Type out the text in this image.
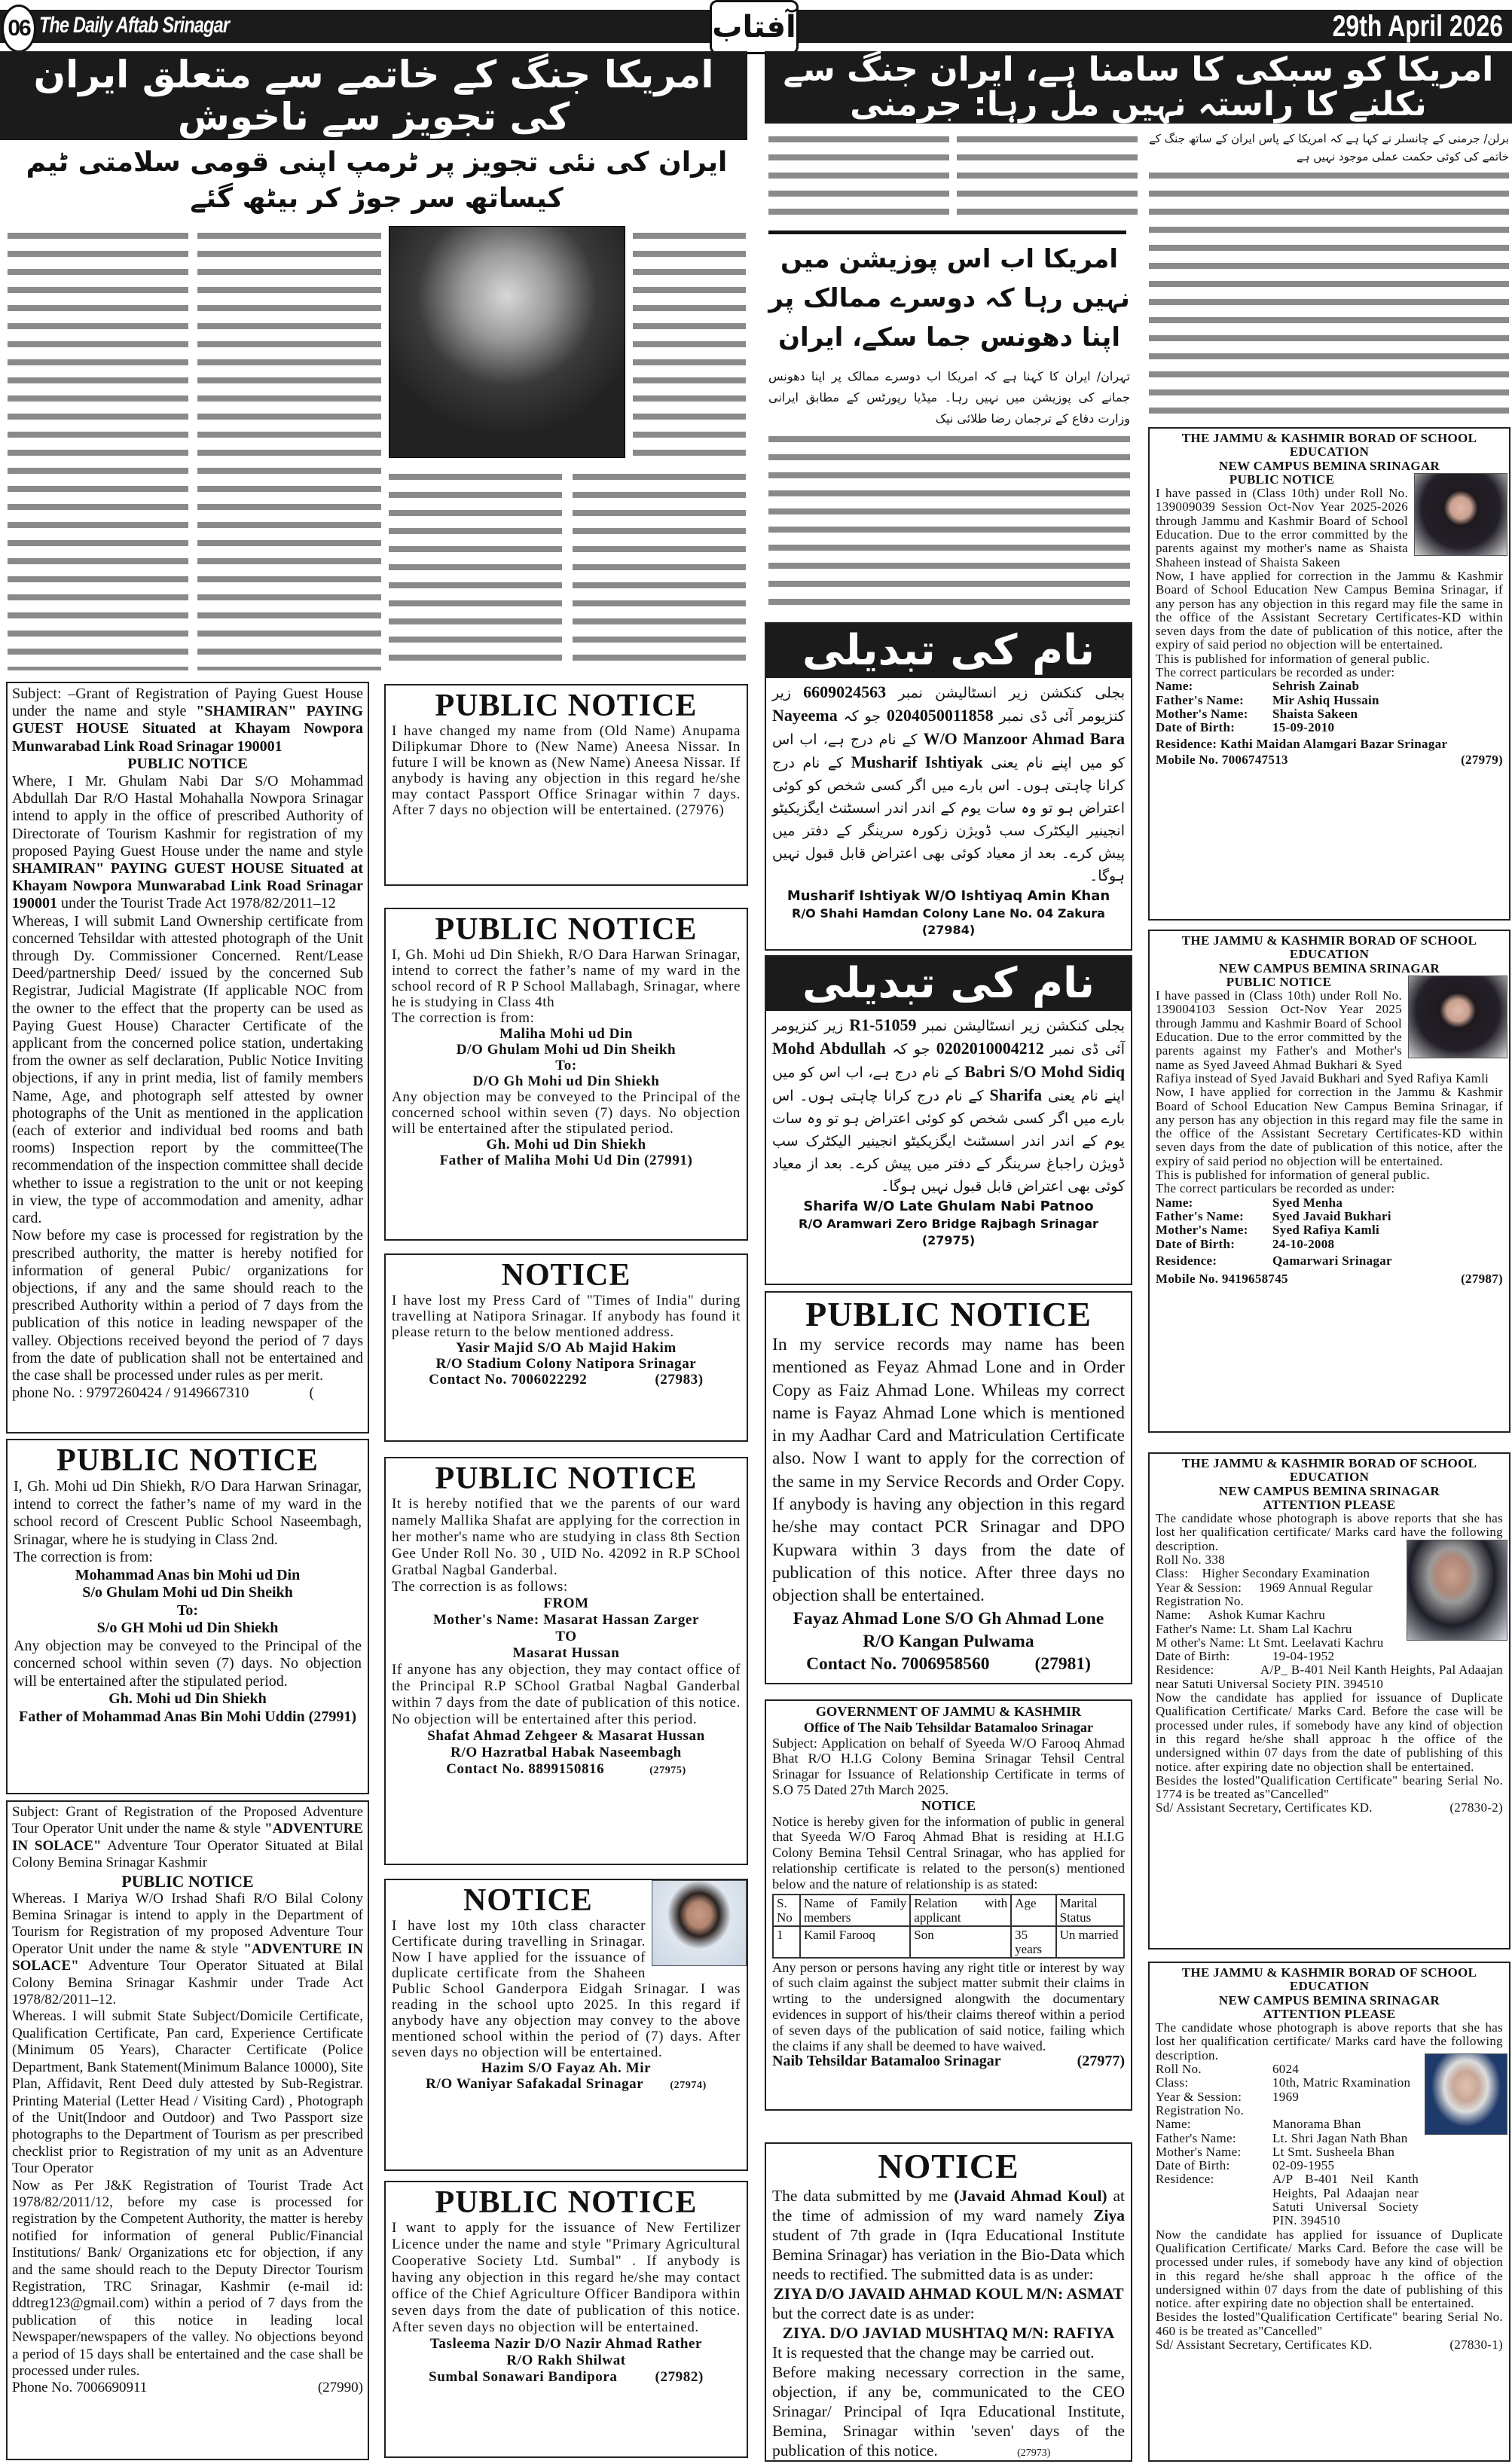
06 The Daily Aftab Srinagar	آفتاب	29th April 2026
امریکا جنگ کے خاتمے سے متعلق ایران کی تجویز سے ناخوش
ایران کی نئی تجویز پر ٹرمپ اپنی قومی سلامتی ٹیم کیساتھ سر جوڑ کر بیٹھ گئے
امریکا کو سبکی کا سامنا ہے، ایران جنگ سے نکلنے کا راستہ نہیں مل رہا: جرمنی
برلن/ جرمنی کے چانسلر نے کہا ہے کہ امریکا کے پاس ایران کے ساتھ جنگ کے خاتمے کی کوئی حکمت عملی موجود نہیں ہے
امریکا اب اس پوزیشن میں نہیں رہا کہ دوسرے ممالک پر اپنا دھونس جما سکے، ایران
تہران/ ایران کا کہنا ہے کہ امریکا اب دوسرے ممالک پر اپنا دھونس جمانے کی پوزیشن میں نہیں رہا۔ میڈیا رپورٹس کے مطابق ایرانی وزارت دفاع کے ترجمان رضا طلائی نیک

Subject: –Grant of Registration of Paying Guest House under the name and style "SHAMIRAN" PAYING GUEST HOUSE Situated at Khayam Nowpora Munwarabad Link Road Srinagar 190001

PUBLIC NOTICE

Where, I Mr. Ghulam Nabi Dar S/O Mohammad Abdullah Dar R/O Hastal Mohahalla Nowpora Srinagar intend to apply in the office of prescribed Authority of Directorate of Tourism Kashmir for registration of my proposed Paying Guest House under the name and style SHAMIRAN" PAYING GUEST HOUSE Situated at Khayam Nowpora Munwarabad Link Road Srinagar 190001 under the Tourist Trade Act 1978/82/2011–12

Whereas, I will submit Land Ownership certificate from concerned Tehsildar with attested photograph of the Unit through Dy. Commissioner Concerned. Rent/Lease Deed/partnership Deed/ issued by the concerned Sub Registrar, Judicial Magistrate (If applicable NOC from the owner to the effect that the property can be used as Paying Guest House) Character Certificate of the applicant from the concerned police station, undertaking from the owner as self declaration, Public Notice Inviting objections, if any in print media, list of family members Name, Age, and photograph self attested by owner photographs of the Unit as mentioned in the application (each of exterior and individual bed rooms and bath rooms) Inspection report by the committee(The recommendation of the inspection committee shall decide whether to issue a registration to the unit or not keeping in view, the type of accommodation and amenity, adhar card.

Now before my case is processed for registration by the prescribed authority, the matter is hereby notified for information of general Pubic/ organizations for objections, if any and the same should reach to the prescribed Authority within a period of 7 days from the publication of this notice in leading newspaper of the valley. Objections received beyond the period of 7 days from the date of publication shall not be entertained and the case shall be processed under rules as per merit.

phone No. : 9797260424 / 9149667310	(

PUBLIC NOTICE

I, Gh. Mohi ud Din Shiekh, R/O Dara Harwan Srinagar, intend to correct the father’s name of my ward in the school record of Crescent Public School Naseembagh, Srinagar, where he is studying in Class 2nd.

The correction is from:

Mohammad Anas bin Mohi ud Din

S/o Ghulam Mohi ud Din Sheikh

To:

S/o GH Mohi ud Din Shiekh

Any objection may be conveyed to the Principal of the concerned school within seven (7) days. No objection will be entertained after the stipulated period.

Gh. Mohi ud Din Shiekh

Father of Mohammad Anas Bin Mohi Uddin (27991)

Subject: Grant of Registration of the Proposed Adventure Tour Operator Unit under the name & style "ADVENTURE IN SOLACE" Adventure Tour Operator Situated at Bilal Colony Bemina Srinagar Kashmir

PUBLIC NOTICE

Whereas. I Mariya W/O Irshad Shafi R/O Bilal Colony Bemina Srinagar is intend to apply in the Department of Tourism for Registration of my proposed Adventure Tour Operator Unit under the name & style "ADVENTURE IN SOLACE" Adventure Tour Operator Situated at Bilal Colony Bemina Srinagar Kashmir under Trade Act 1978/82/2011–12.

Whereas. I will submit State Subject/Domicile Certificate, Qualification Certificate, Pan card, Experience Certificate (Minimum 05 Years), Character Certificate (Police Department, Bank Statement(Minimum Balance 10000), Site Plan, Affidavit, Rent Deed duly attested by Sub-Registrar. Printing Material (Letter Head / Visiting Card) , Photograph of the Unit(Indoor and Outdoor) and Two Passport size photographs to the Department of Tourism as per prescribed checklist prior to Registration of my unit as an Adventure Tour Operator

Now as Per J&K Registration of Tourist Trade Act 1978/82/2011/12, before my case is processed for registration by the Competent Authority, the matter is hereby notified for information of general Public/Financial Institutions/ Bank/ Organizations etc for objection, if any and the same should reach to the Deputy Director Tourism Registration, TRC Srinagar, Kashmir (e-mail id: ddtreg123@gmail.com) within a period of 7 days from the publication of this notice in leading local Newspaper/newspapers of the valley. No objections beyond a period of 15 days shall be entertained and the case shall be processed under rules.

Phone No. 7006690911	(27990)

PUBLIC NOTICE

I have changed my name from (Old Name) Anupama Dilipkumar Dhore to (New Name) Aneesa Nissar. In future I will be known as (New Name) Aneesa Nissar. If anybody is having any objection in this regard he/she may contact Passport Office Srinagar within 7 days. After 7 days no objection will be entertained. (27976)

PUBLIC NOTICE

I, Gh. Mohi ud Din Shiekh, R/O Dara Harwan Srinagar, intend to correct the father’s name of my ward in the school record of R P School Mallabagh, Srinagar, where he is studying in Class 4th

The correction is from:

Maliha Mohi ud Din

D/O Ghulam Mohi ud Din Sheikh

To:

D/O Gh Mohi ud Din Shiekh

Any objection may be conveyed to the Principal of the concerned school within seven (7) days. No objection will be entertained after the stipulated period.

Gh. Mohi ud Din Shiekh

Father of Maliha Mohi Ud Din (27991)

NOTICE

I have lost my Press Card of "Times of India" during travelling at Natipora Srinagar. If anybody has found it please return to the below mentioned address.

Yasir Majid S/O Ab Majid Hakim

R/O Stadium Colony Natipora Srinagar

Contact No. 7006022292	(27983)

PUBLIC NOTICE

It is hereby notified that we the parents of our ward namely Mallika Shafat are applying for the correction in her mother's name who are studying in class 8th Section Gee Under Roll No. 30 , UID No. 42092 in R.P SChool Gratbal Nagbal Ganderbal.

The correction is as follows:

FROM

Mother's Name: Masarat Hassan Zarger

TO

Masarat Hussan

If anyone has any objection, they may contact office of the Principal R.P SChool Gratbal Nagbal Ganderbal within 7 days from the date of publication of this notice. No objection will be entertained after this period.

Shafat Ahmad Zehgeer & Masarat Hussan

R/O Hazratbal Habak Naseembagh

Contact No. 8899150816	(27975)

NOTICE

I have lost my 10th class character Certificate during travelling in Srinagar. Now I have applied for the issuance of duplicate certificate from the Shaheen Public School Ganderpora Eidgah Srinagar. I was reading in the school upto 2025. In this regard if anybody have any objection may convey to the above mentioned school within the period of (7) days. After seven days no objection will be entertained.

Hazim S/O Fayaz Ah. Mir

R/O Waniyar Safakadal Srinagar	(27974)

PUBLIC NOTICE

I want to apply for the issuance of New Fertilizer Licence under the name and style "Primary Agricultural Cooperative Society Ltd. Sumbal" . If anybody is having any objection in this regard he/she may contact office of the Chief Agriculture Officer Bandipora within seven days from the date of publication of this notice. After seven days no objection will be entertained.

Tasleema Nazir D/O Nazir Ahmad Rather

R/O Rakh Shilwat

Sumbal Sonawari Bandipora	(27982)

نام کی تبدیلی
بجلی کنکشن زیر انسٹالیشن نمبر 6609024563 زیر کنزیومر آئی ڈی نمبر 0204050011858 جو کہ Nayeema W/O Manzoor Ahmad Bara کے نام درج ہے، اب اس کو میں اپنے نام یعنی Musharif Ishtiyak کے نام درج کرانا چاہتی ہوں۔ اس بارے میں اگر کسی شخص کو کوئی اعتراض ہو تو وہ سات یوم کے اندر اندر اسسٹنٹ ایگزیکیٹو انجینیر الیکٹرک سب ڈویژن زکورہ سرینگر کے دفتر میں پیش کرے۔ بعد از معیاد کوئی بھی اعتراض قابل قبول نہیں ہوگا۔

Musharif Ishtiyak W/O Ishtiyaq Amin Khan

R/O Shahi Hamdan Colony Lane No. 04 Zakura (27984)

نام کی تبدیلی
بجلی کنکشن زیر انسٹالیشن نمبر 51059-R1 زیر کنزیومر آئی ڈی نمبر 0202010004212 جو کہ Mohd Abdullah Babri S/O Mohd Sidiq کے نام درج ہے، اب اس کو میں اپنے نام یعنی Sharifa کے نام درج کرانا چاہتی ہوں۔ اس بارے میں اگر کسی شخص کو کوئی اعتراض ہو تو وہ سات یوم کے اندر اندر اسسٹنٹ ایگزیکیٹو انجینیر الیکٹرک سب ڈویژن راجباغ سرینگر کے دفتر میں پیش کرے۔ بعد از معیاد کوئی بھی اعتراض قابل قبول نہیں ہوگا۔

Sharifa W/O Late Ghulam Nabi Patnoo

R/O Aramwari Zero Bridge Rajbagh Srinagar (27975)

PUBLIC NOTICE

In my service records may name has been mentioned as Feyaz Ahmad Lone and in Order Copy as Faiz Ahmad Lone. Whileas my correct name is Fayaz Ahmad Lone which is mentioned in my Aadhar Card and Matriculation Certificate also. Now I want to apply for the correction of the same in my Service Records and Order Copy. If anybody is having any objection in this regard he/she may contact PCR Srinagar and DPO Kupwara within 3 days from the date of publication of this notice. After three days no objection shall be entertained.

Fayaz Ahmad Lone S/O Gh Ahmad Lone

R/O Kangan Pulwama

Contact No. 7006958560	(27981)

GOVERNMENT OF JAMMU & KASHMIR

Office of The Naib Tehsildar Batamaloo Srinagar

Subject: Application on behalf of Syeeda W/O Farooq Ahmad Bhat R/O H.I.G Colony Bemina Srinagar Tehsil Central Srinagar for Issuance of Relationship Certificate in terms of S.O 75 Dated 27th March 2025.

NOTICE

Notice is hereby given for the information of public in general that Syeeda W/O Faroq Ahmad Bhat is residing at H.I.G Colony Bemina Tehsil Central Srinagar, who has applied for relationship certificate is related to the person(s) mentioned below and the nature of relationship is as stated:

S. No	Name of Family members	Relation with applicant	Age	Marital Status
1	Kamil Farooq	Son	35 years	Un married

Any person or persons having any right title or interest by way of such claim against the subject matter submit their claims in wrting to the undersigned alongwith the documentary evidences in support of his/their claims thereof within a period of seven days of the publication of said notice, failing which the claims if any shall be deemed to have waived.

Naib Tehsildar Batamaloo Srinagar	(27977)

NOTICE

The data submitted by me (Javaid Ahmad Koul) at the time of admission of my ward namely Ziya student of 7th grade in (Iqra Educational Institute Bemina Srinagar) has veriation in the Bio-Data which needs to rectified. The submitted data is as under:

ZIYA D/O JAVAID AHMAD KOUL M/N: ASMAT

but the correct date is as under:

ZIYA. D/O JAVIAD MUSHTAQ M/N: RAFIYA

It is requested that the change may be carried out.

Before making necessary correction in the same, objection, if any be, communicated to the CEO Srinagar/ Principal of Iqra Educational Institute, Bemina, Srinagar within 'seven' days of the publication of this notice.	(27973)

THE JAMMU & KASHMIR BORAD OF SCHOOL EDUCATION

NEW CAMPUS BEMINA SRINAGAR

PUBLIC NOTICE

I have passed in (Class 10th) under Roll No. 139009039 Session Oct-Nov Year 2025-2026 through Jammu and Kashmir Board of School Education. Due to the error committed by the parents against my mother's name as Shaista Shaheen instead of Shaista Sakeen

Now, I have applied for correction in the Jammu & Kashmir Board of School Education New Campus Bemina Srinagar, if any person has any objection in this regard may file the same in the office of the Assistant Secretary Certificates-KD within seven days from the date of publication of this notice, after the expiry of said period no objection will be entertained.

This is published for information of general public.

The correct particulars be recorded as under:

Name:	Sehrish Zainab
Father's Name:	Mir Ashiq Hussain
Mother's Name:	Shaista Sakeen
Date of Birth:	15-09-2010

Residence: Kathi Maidan Alamgari Bazar Srinagar

Mobile No. 7006747513	(27979)

THE JAMMU & KASHMIR BORAD OF SCHOOL EDUCATION

NEW CAMPUS BEMINA SRINAGAR

PUBLIC NOTICE

I have passed in (Class 10th) under Roll No. 139004103 Session Oct-Nov Year 2025 through Jammu and Kashmir Board of School Education. Due to the error committed by the parents against my Father's and Mother's name as Syed Javeed Ahmad Bukhari & Syed Rafiya instead of Syed Javaid Bukhari and Syed Rafiya Kamli

Now, I have applied for correction in the Jammu & Kashmir Board of School Education New Campus Bemina Srinagar, if any person has any objection in this regard may file the same in the office of the Assistant Secretary Certificates-KD within seven days from the date of publication of this notice, after the expiry of said period no objection will be entertained.

This is published for information of general public.

The correct particulars be recorded as under:

Name:	Syed Menha
Father's Name:	Syed Javaid Bukhari
Mother's Name:	Syed Rafiya Kamli
Date of Birth:	24-10-2008
Residence:	Qamarwari Srinagar

Mobile No. 9419658745	(27987)

THE JAMMU & KASHMIR BORAD OF SCHOOL EDUCATION

NEW CAMPUS BEMINA SRINAGAR

ATTENTION PLEASE

The candidate whose photograph is above reports that she has lost her qualification certificate/ Marks card have the following description.

Roll No. 338

Class: Higher Secondary Examination

Year & Session: 1969 Annual Regular

Registration No.

Name: Ashok Kumar Kachru

Father's Name: Lt. Sham Lal Kachru

M other's Name: Lt Smt. Leelavati Kachru

Date of Birth:	19-04-1952

Residence:	A/P_ B-401 Neil Kanth Heights, Pal Adaajan near Satuti Universal Society PIN. 394510

Now the candidate has applied for issuance of Duplicate Qualification Certificate/ Marks Card. Before the case will be processed under rules, if somebody have any kind of objection in this regard he/she shall approac h the office of the undersigned within 07 days from the date of publishing of this notice. after expiring date no objection shall be entertained.

Besides the losted"Qualification Certificate" bearing Serial No. 1774 is be treated as"Cancelled"

Sd/ Assistant Secretary, Certificates KD.	(27830-2)

THE JAMMU & KASHMIR BORAD OF SCHOOL EDUCATION

NEW CAMPUS BEMINA SRINAGAR

ATTENTION PLEASE

The candidate whose photograph is above reports that she has lost her qualification certificate/ Marks card have the following description.

Roll No.	6024
Class:	10th, Matric Rxamination
Year & Session:	1969
Registration No.
Name:	Manorama Bhan
Father's Name:	Lt. Shri Jagan Nath Bhan
Mother's Name:	Lt Smt. Susheela Bhan
Date of Birth:	02-09-1955
Residence:	A/P B-401 Neil Kanth Heights, Pal Adaajan near Satuti Universal Society PIN. 394510

Now the candidate has applied for issuance of Duplicate Qualification Certificate/ Marks Card. Before the case will be processed under rules, if somebody have any kind of objection in this regard he/she shall approac h the office of the undersigned within 07 days from the date of publishing of this notice. after expiring date no objection shall be entertained.

Besides the losted"Qualification Certificate" bearing Serial No. 460 is be treated as"Cancelled"

Sd/ Assistant Secretary, Certificates KD.	(27830-1)
